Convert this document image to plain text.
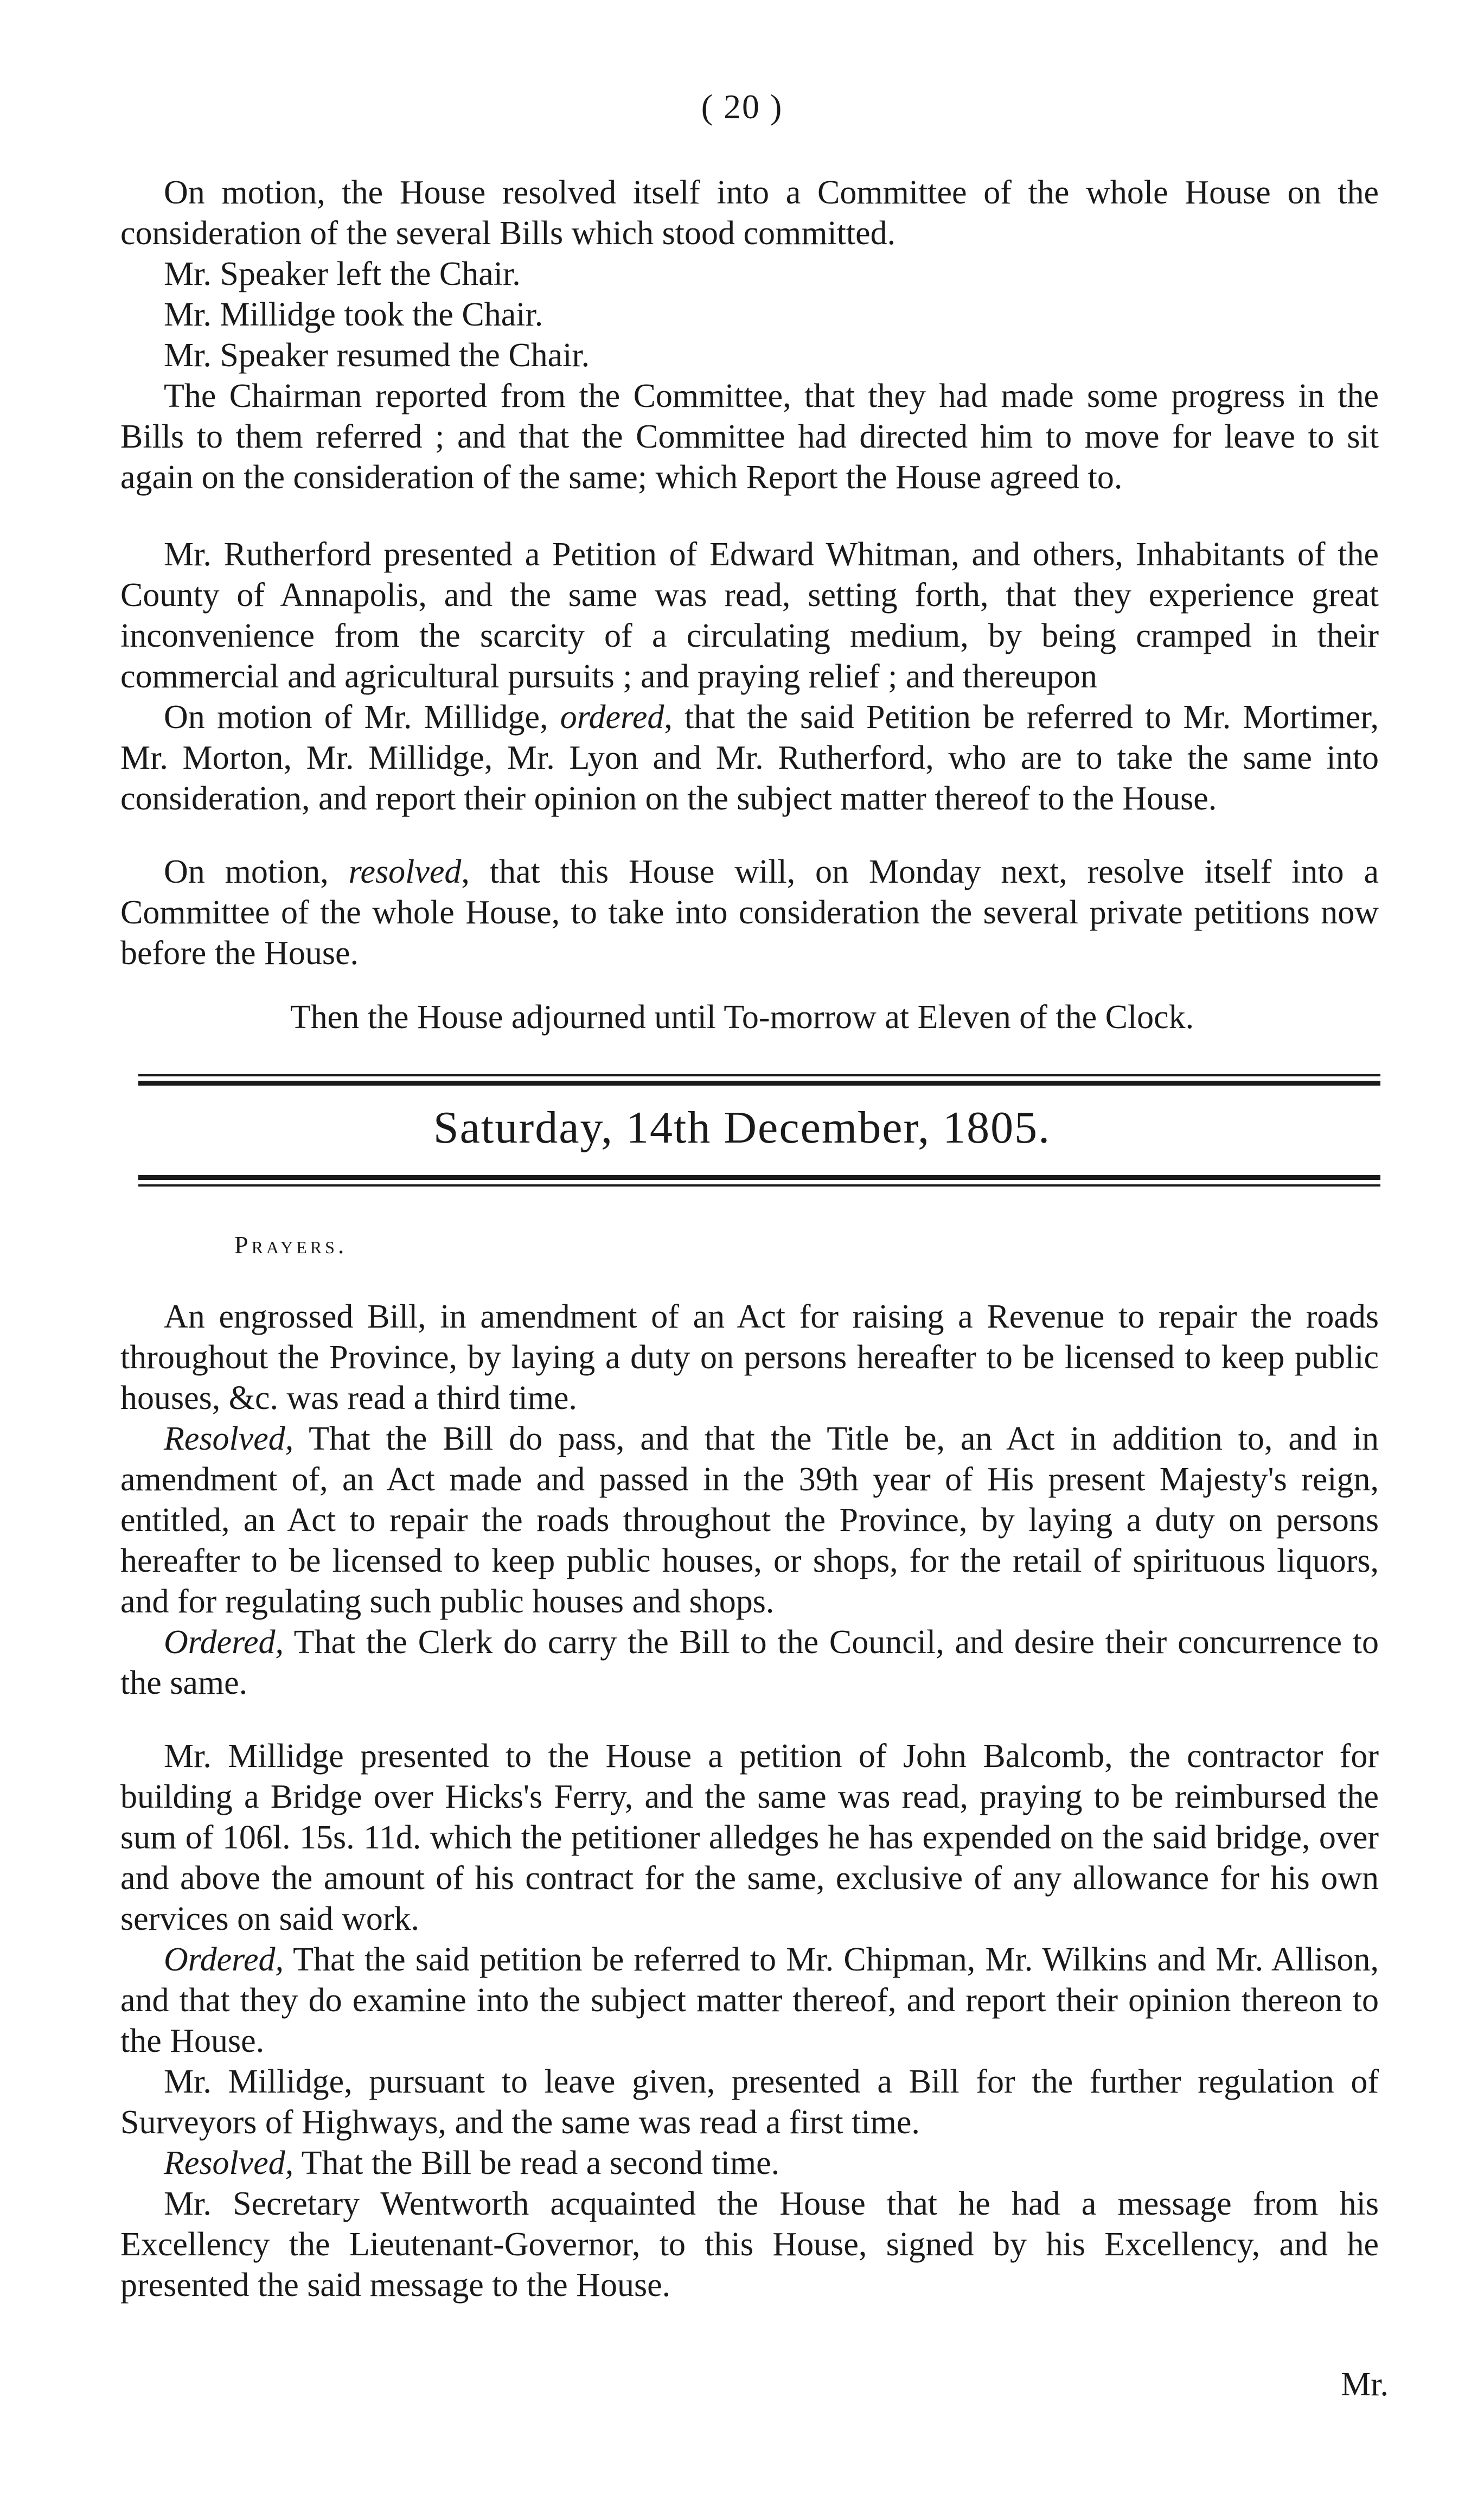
( 20 )

On motion, the House resolved itself into a Committee of the whole House on the consideration of the several Bills which stood committed.

Mr. Speaker left the Chair.

Mr. Millidge took the Chair.

Mr. Speaker resumed the Chair.

The Chairman reported from the Committee, that they had made some progress in the Bills to them referred ; and that the Committee had directed him to move for leave to sit again on the consideration of the same; which Report the House agreed to.

Mr. Rutherford presented a Petition of Edward Whitman, and others, Inhabitants of the County of Annapolis, and the same was read, setting forth, that they experience great inconvenience from the scarcity of a circulating medium, by being cramped in their commercial and agricultural pursuits ; and praying relief ; and thereupon

On motion of Mr. Millidge, ordered, that the said Petition be referred to Mr. Mortimer, Mr. Morton, Mr. Millidge, Mr. Lyon and Mr. Rutherford, who are to take the same into consideration, and report their opinion on the subject matter thereof to the House.

On motion, resolved, that this House will, on Monday next, resolve itself into a Committee of the whole House, to take into consideration the several private petitions now before the House.

Then the House adjourned until To-morrow at Eleven of the Clock.
Saturday, 14th December, 1805.
Prayers.

An engrossed Bill, in amendment of an Act for raising a Revenue to repair the roads throughout the Province, by laying a duty on persons hereafter to be licensed to keep public houses, &c. was read a third time.

Resolved, That the Bill do pass, and that the Title be, an Act in addition to, and in amendment of, an Act made and passed in the 39th year of His present Majesty's reign, entitled, an Act to repair the roads throughout the Province, by laying a duty on persons hereafter to be licensed to keep public houses, or shops, for the retail of spirituous liquors, and for regulating such public houses and shops.

Ordered, That the Clerk do carry the Bill to the Council, and desire their concurrence to the same.

Mr. Millidge presented to the House a petition of John Balcomb, the contractor for building a Bridge over Hicks's Ferry, and the same was read, praying to be reimbursed the sum of 106l. 15s. 11d. which the petitioner alledges he has expended on the said bridge, over and above the amount of his contract for the same, exclusive of any allowance for his own services on said work.

Ordered, That the said petition be referred to Mr. Chipman, Mr. Wilkins and Mr. Allison, and that they do examine into the subject matter thereof, and report their opinion thereon to the House.

Mr. Millidge, pursuant to leave given, presented a Bill for the further regulation of Surveyors of Highways, and the same was read a first time.

Resolved, That the Bill be read a second time.

Mr. Secretary Wentworth acquainted the House that he had a message from his Excellency the Lieutenant-Governor, to this House, signed by his Excellency, and he presented the said message to the House.

Mr.
